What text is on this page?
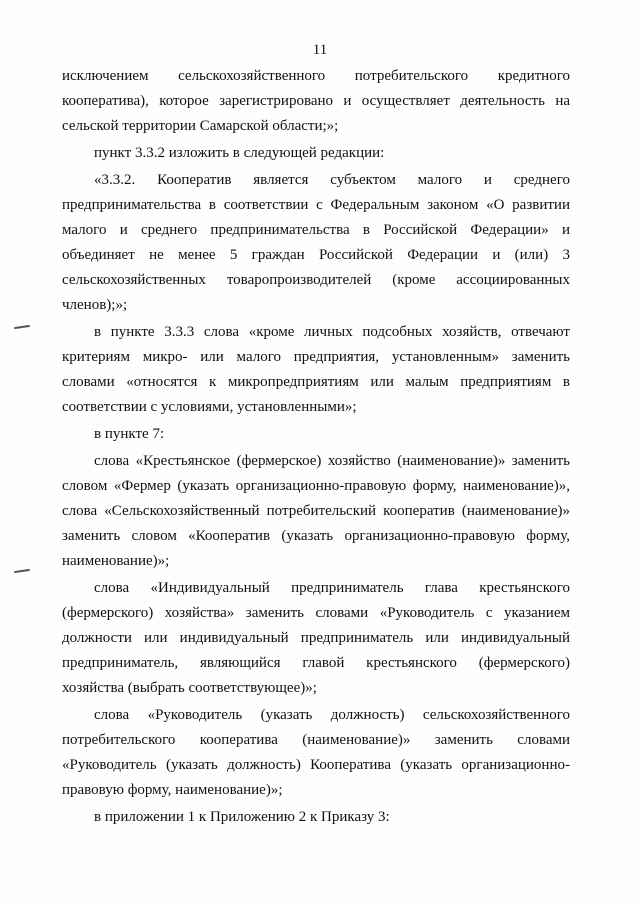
11
исключением сельскохозяйственного потребительского кредитного
кооператива), которое зарегистрировано и осуществляет деятельность на
сельской территории Самарской области;»;
пункт 3.3.2 изложить в следующей редакции:
«3.3.2. Кооператив является субъектом малого и среднего
предпринимательства в соответствии с Федеральным законом «О развитии
малого и среднего предпринимательства в Российской Федерации» и
объединяет не менее 5 граждан Российской Федерации и (или) 3
сельскохозяйственных товаропроизводителей (кроме ассоциированных
членов);»;
в пункте 3.3.3 слова «кроме личных подсобных хозяйств, отвечают
критериям микро- или малого предприятия, установленным» заменить
словами «относятся к микропредприятиям или малым предприятиям в
соответствии с условиями, установленными»;
в пункте 7:
слова «Крестьянское (фермерское) хозяйство (наименование)» заменить
словом «Фермер (указать организационно-правовую форму, наименование)»,
слова «Сельскохозяйственный потребительский кооператив (наименование)»
заменить словом «Кооператив (указать организационно-правовую форму,
наименование)»;
слова «Индивидуальный предприниматель глава крестьянского
(фермерского) хозяйства» заменить словами «Руководитель с указанием
должности или индивидуальный предприниматель или индивидуальный
предприниматель, являющийся главой крестьянского (фермерского)
хозяйства (выбрать соответствующее)»;
слова «Руководитель (указать должность) сельскохозяйственного
потребительского кооператива (наименование)» заменить словами
«Руководитель (указать должность) Кооператива (указать организационно-
правовую форму, наименование)»;
в приложении 1 к Приложению 2 к Приказу 3:
